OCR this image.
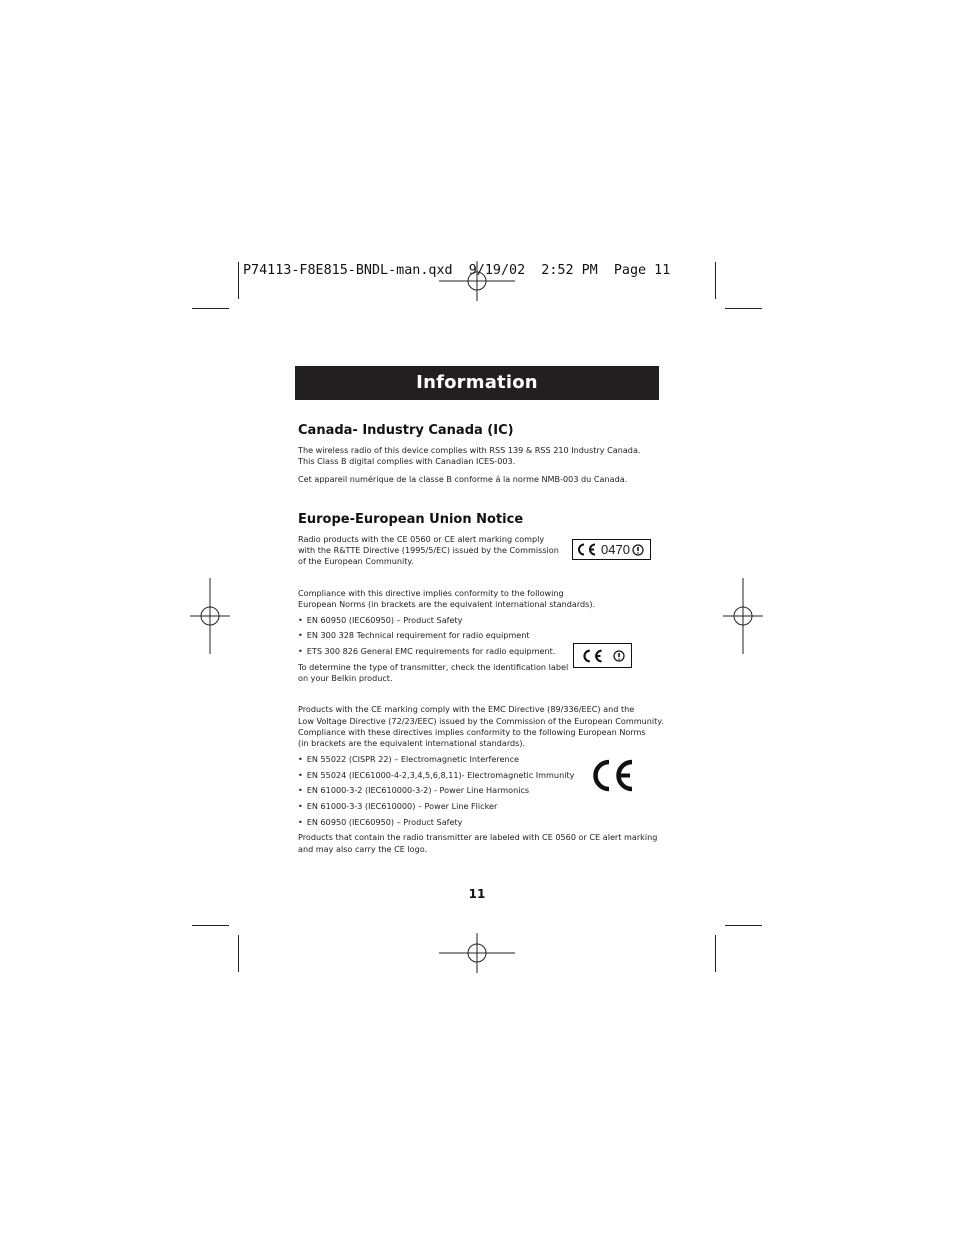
P74113-F8E815-BNDL-man.qxd  9/19/02  2:52 PM  Page 11
Information
Canada- Industry Canada (IC)

The wireless radio of this device complies with RSS 139 & RSS 210 Industry Canada.

This Class B digital complies with Canadian ICES-003.

Cet appareil numérique de la classe B conforme á la norme NMB-003 du Canada.

Europe-European Union Notice

Radio products with the CE 0560 or CE alert marking comply

with the R&TTE Directive (1995/5/EC) issued by the Commission

of the European Community.

0470

Compliance with this directive implies conformity to the following

European Norms (in brackets are the equivalent international standards).

• EN 60950 (IEC60950) – Product Safety

• EN 300 328 Technical requirement for radio equipment

• ETS 300 826 General EMC requirements for radio equipment.

To determine the type of transmitter, check the identification label

on your Belkin product.

Products with the CE marking comply with the EMC Directive (89/336/EEC) and the

Low Voltage Directive (72/23/EEC) issued by the Commission of the European Community.

Compliance with these directives implies conformity to the following European Norms

(in brackets are the equivalent international standards).

• EN 55022 (CISPR 22) – Electromagnetic Interference

• EN 55024 (IEC61000-4-2,3,4,5,6,8,11)- Electromagnetic Immunity

• EN 61000-3-2 (IEC610000-3-2) - Power Line Harmonics

• EN 61000-3-3 (IEC610000) – Power Line Flicker

• EN 60950 (IEC60950) – Product Safety

Products that contain the radio transmitter are labeled with CE 0560 or CE alert marking

and may also carry the CE logo.

11
